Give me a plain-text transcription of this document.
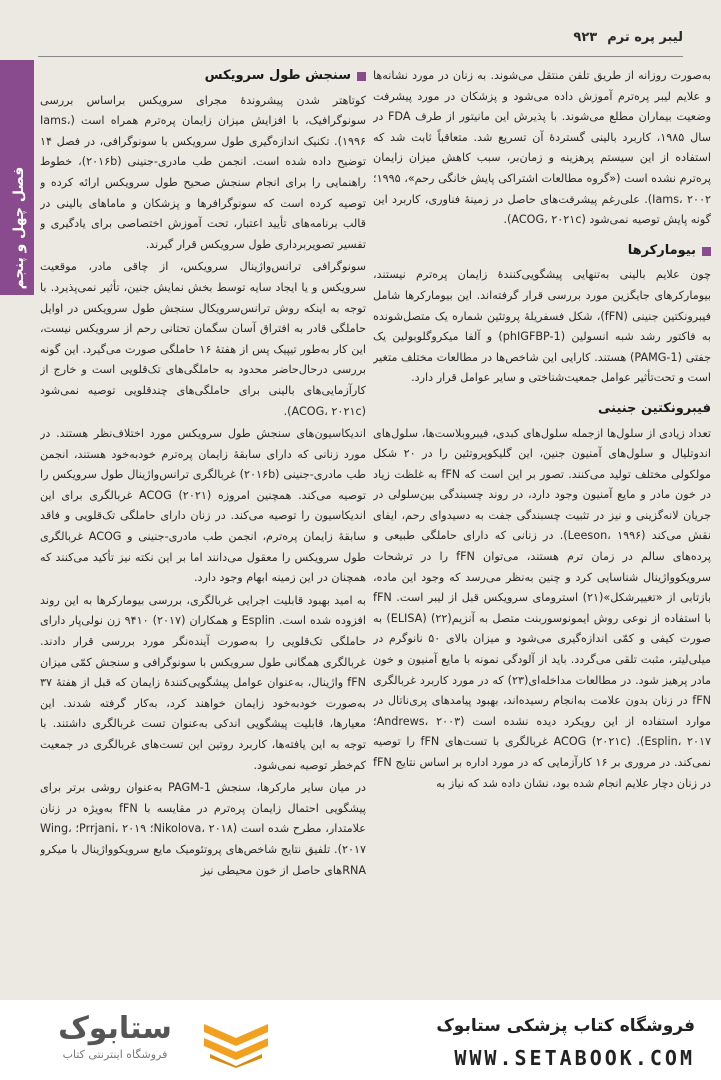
لیبر پره ترم
۹۲۳
فصل چهل و پنجم

به‌صورت روزانه از طریق تلفن منتقل می‌شوند. به زنان در مورد نشانه‌ها و علایم لیبر پره‌ترم آموزش داده می‌شود و پزشکان در مورد پیشرفت وضعیت بیماران مطلع می‌شوند. با پذیرش این مانیتور از طرف FDA در سال ۱۹۸۵، کاربرد بالینی گستردهٔ آن تسریع شد. متعاقباً ثابت شد که استفاده از این سیستم پرهزینه و زمان‌بر، سبب کاهش میزان زایمان پره‌ترم نشده است («گروه مطالعات اشتراکی پایش خانگی رحم»، ۱۹۹۵؛ Iams، ۲۰۰۲). علی‌رغم پیشرفت‌های حاصل در زمینهٔ فناوری، کاربرد این گونه پایش توصیه نمی‌شود (ACOG، ۲۰۲۱c).

بیومارکرها

چون علایم بالینی به‌تنهایی پیشگویی‌کنندهٔ زایمان پره‌ترم نیستند، بیومارکرهای جایگزین مورد بررسی قرار گرفته‌اند. این بیومارکرها شامل فیبرونکتین جنینی (fFN)، شکل فسفریلهٔ پروتئین شماره یک متصل‌شونده به فاکتور رشد شبه انسولین (phIGFBP-1) و آلفا میکروگلوبولین یک جفتی (PAMG-1) هستند. کارایی این شاخص‌ها در مطالعات مختلف متغیر است و تحت‌تأثیر عوامل جمعیت‌شناختی و سایر عوامل قرار دارد.

فیبرونکتین جنینی

تعداد زیادی از سلول‌ها ازجمله سلول‌های کبدی، فیبروبلاست‌ها، سلول‌های اندوتلیال و سلول‌های آمنیون جنین، این گلیکوپروتئین را در ۲۰ شکل مولکولی مختلف تولید می‌کنند. تصور بر این است که fFN به‌ غلظت زیاد در خون مادر و مایع آمنیون وجود دارد، در روند چسبندگی بین‌سلولی در جریان لانه‌گزینی و نیز در تثبیت چسبندگی جفت به دسیدوای رحم، ایفای نقش می‌کند (Leeson، ۱۹۹۶). در زنانی که دارای حاملگی طبیعی و پرده‌های سالم در زمان ترم هستند، می‌توان fFN را در ترشحات سرویکوواژینال شناسایی کرد و چنین به‌نظر می‌رسد که وجود این ماده، بازتابی از «تغییرشکل»(۲۱) استرومای سرویکس قبل از لیبر است. fFN با استفاده از نوعی روش ایمونوسوربنت متصل به آنزیم(۲۲) (ELISA) به‌ صورت کیفی و کمّی اندازه‌گیری می‌شود و میزان بالای ۵۰ نانوگرم در میلی‌لیتر، مثبت تلقی می‌گردد. باید از آلودگی نمونه با مایع آمنیون و خون مادر پرهیز شود. در مطالعات مداخله‌ای(۲۳) که در مورد کاربرد غربالگری fFN در زنان بدون علامت به‌انجام رسیده‌اند، بهبود پیامدهای پری‌ناتال در موارد استفاده از این رویکرد دیده نشده است (Andrews، ۲۰۰۳؛ Esplin، ۲۰۱۷). ACOG (۲۰۲۱c) غربالگری با تست‌های fFN را توصیه نمی‌کند. در مروری بر ۱۶ کارآزمایی که در مورد اداره بر اساس نتایج fFN در زنان دچار علایم انجام شده بود، نشان داده شد که نیاز به

سنجش طول سرویکس

کوتاهتر شدن پیشروندهٔ مجرای سرویکس براساس بررسی سونوگرافیک، با افزایش میزان زایمان پره‌ترم همراه است (Iams، ۱۹۹۶). تکنیک اندازه‌گیری طول سرویکس با سونوگرافی، در فصل ۱۴ توضیح داده شده است. انجمن طب مادری-جنینی (۲۰۱۶b)، خطوط راهنمایی را برای انجام سنجش صحیح طول سرویکس ارائه کرده و توصیه کرده است که سونوگرافرها و پزشکان و ماماهای بالینی در قالب برنامه‌های تأیید اعتبار، تحت آموزش اختصاصی برای یادگیری و تفسیر تصویربرداری طول سرویکس قرار گیرند.

سونوگرافی ترانس‌واژینال سرویکس، از چاقی مادر، موقعیت سرویکس و یا ایجاد سایه توسط بخش نمایش جنین، تأثیر نمی‌پذیرد. با توجه به اینکه روش ترانس‌سرویکال سنجش طول سرویکس در اوایل حاملگی قادر به افتراق آسان سگمان تحتانی رحم از سرویکس نیست، این کار به‌طور تیپیک پس از هفتهٔ ۱۶ حاملگی صورت می‌گیرد. این گونه بررسی درحال‌حاضر محدود به حاملگی‌های تک‌قلویی است و خارج از کارآزمایی‌های بالینی برای حاملگی‌های چندقلویی توصیه نمی‌شود (ACOG، ۲۰۲۱c).

اندیکاسیون‌های سنجش طول سرویکس مورد اختلاف‌نظر هستند. در مورد زنانی که دارای سابقهٔ زایمان پره‌ترم خودبه‌خود هستند، انجمن طب مادری-جنینی (۲۰۱۶b) غربالگری ترانس‌واژینال طول سرویکس را توصیه می‌کند. همچنین امروزه ACOG (۲۰۲۱) غربالگری برای این اندیکاسیون را توصیه می‌کند. در زنان دارای حاملگی تک‌قلویی و فاقد سابقهٔ زایمان پره‌ترم، انجمن طب مادری-جنینی و ACOG غربالگری طول سرویکس را معقول می‌دانند اما بر این نکته نیز تأکید می‌کنند که همچنان در این زمینه ابهام وجود دارد.

به امید بهبود قابلیت اجرایی غربالگری، بررسی بیومارکرها به این روند افزوده شده است. Esplin و همکاران (۲۰۱۷) ۹۴۱۰ زن نولی‌پار دارای حاملگی تک‌قلویی را به‌صورت آینده‌نگر مورد بررسی قرار دادند. غربالگری همگانی طول سرویکس با سونوگرافی و سنجش کمّی میزان fFN واژینال، به‌عنوان عوامل پیشگویی‌کنندهٔ زایمان که قبل از هفتهٔ ۳۷ به‌صورت خودبه‌خود زایمان خواهند کرد، به‌کار گرفته شدند. این معیارها، قابلیت پیشگویی اندکی به‌عنوان تست غربالگری داشتند. با توجه به این یافته‌ها، کاربرد روتین این تست‌های غربالگری در جمعیت کم‌خطر توصیه نمی‌شود.

در میان سایر مارکرها، سنجش PAGM-1 به‌عنوان روشی برتر برای پیشگویی احتمال زایمان پره‌ترم در مقایسه با fFN به‌ویژه در زنان علامتدار، مطرح شده است (Nikolova، ۲۰۱۸؛ Prrjani، ۲۰۱۹؛ Wing، ۲۰۱۷). تلفیق نتایج شاخص‌های پروتئومیک مایع سرویکوواژینال با میکرو RNAهای حاصل از خون محیطی نیز

ستابوک
فروشگاه اینترنتی کتاب
فروشگاه کتاب پزشکی ستابوک
WWW.SETABOOK.COM
